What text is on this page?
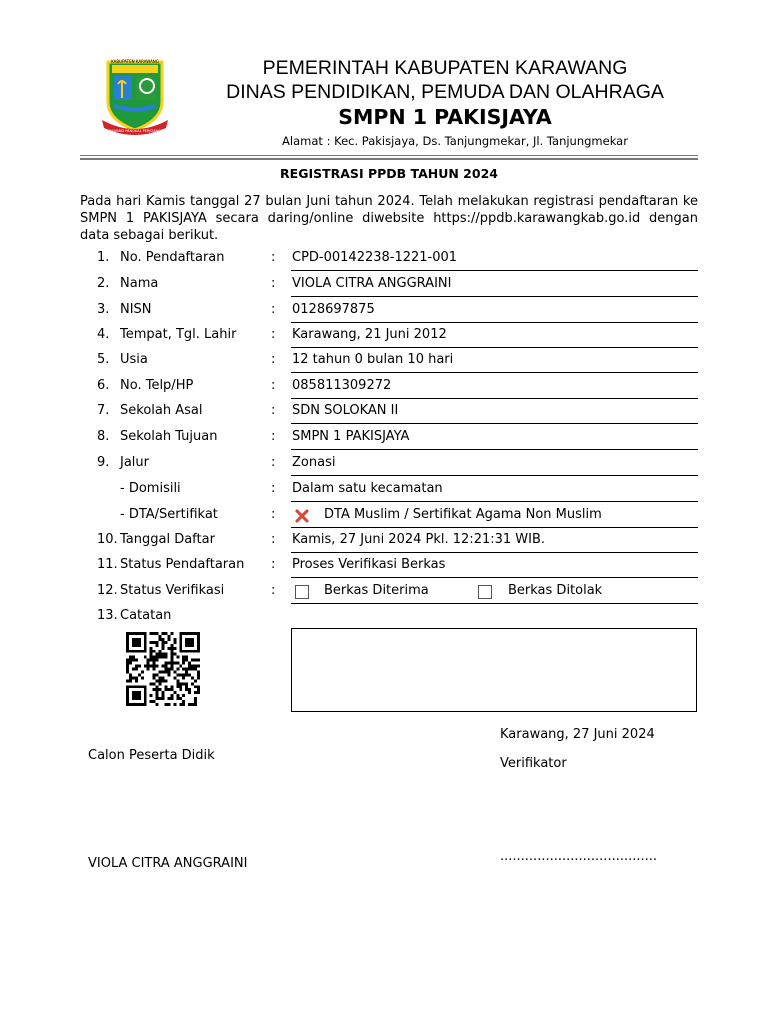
KABUPATEN KARAWANG
KARAWANG PANGKAL PERJOANGAN
PEMERINTAH KABUPATEN KARAWANG
DINAS PENDIDIKAN, PEMUDA DAN OLAHRAGA
SMPN 1 PAKISJAYA
Alamat : Kec. Pakisjaya, Ds. Tanjungmekar, Jl. Tanjungmekar
REGISTRASI PPDB TAHUN 2024
Pada hari Kamis tanggal 27 bulan Juni tahun 2024. Telah melakukan registrasi pendaftaran ke SMPN 1 PAKISJAYA secara daring/online diwebsite https://ppdb.karawangkab.go.id dengan data sebagai berikut.
1. No. Pendaftaran	: CPD-00142238-1221-001
2. Nama	: VIOLA CITRA ANGGRAINI
3. NISN	: 0128697875
4. Tempat, Tgl. Lahir	: Karawang, 21 Juni 2012
5. Usia	: 12 tahun 0 bulan 10 hari
6. No. Telp/HP	: 085811309272
7. Sekolah Asal	: SDN SOLOKAN II
8. Sekolah Tujuan	: SMPN 1 PAKISJAYA
9. Jalur	: Zonasi
- Domisili	: Dalam satu kecamatan
- DTA/Sertifikat	:	DTA Muslim / Sertifikat Agama Non Muslim
10. Tanggal Daftar	: Kamis, 27 Juni 2024 Pkl. 12:21:31 WIB.
11. Status Pendaftaran : Proses Verifikasi Berkas
12. Status Verifikasi	:	Berkas Diterima	Berkas Ditolak
13. Catatan
Karawang, 27 Juni 2024
Calon Peserta Didik
Verifikator
VIOLA CITRA ANGGRAINI	......................................
